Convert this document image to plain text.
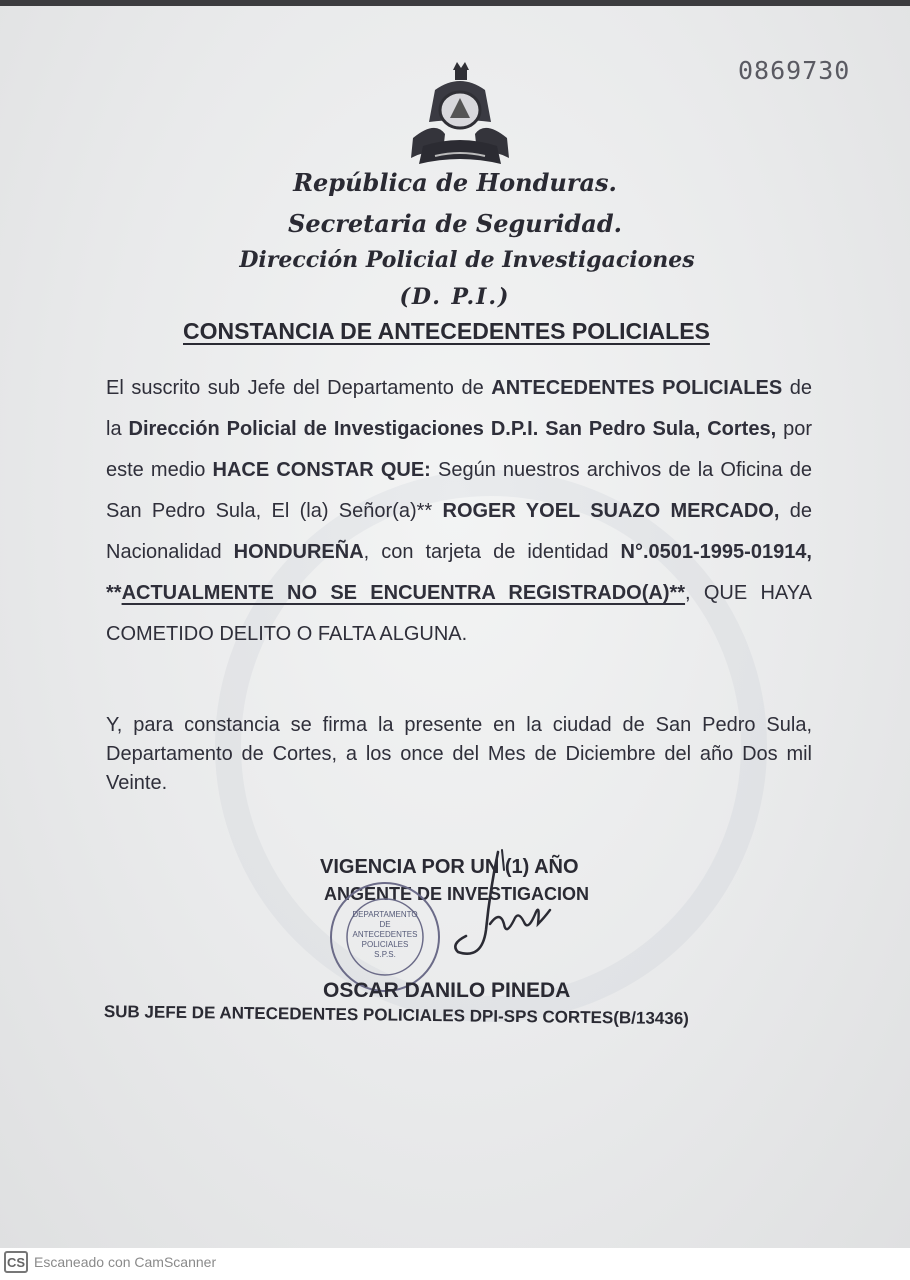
0869730
República de Honduras.
Secretaria de Seguridad.
Dirección Policial de Investigaciones
(D. P.I.)
CONSTANCIA DE ANTECEDENTES POLICIALES
El suscrito sub Jefe del Departamento de ANTECEDENTES POLICIALES de la Dirección Policial de Investigaciones D.P.I. San Pedro Sula, Cortes, por este medio HACE CONSTAR QUE: Según nuestros archivos de la Oficina de San Pedro Sula, El (la) Señor(a)** ROGER YOEL SUAZO MERCADO, de Nacionalidad HONDUREÑA, con tarjeta de identidad N°.0501-1995-01914, **ACTUALMENTE NO SE ENCUENTRA REGISTRADO(A)**, QUE HAYA COMETIDO DELITO O FALTA ALGUNA.
Y, para constancia se firma la presente en la ciudad de San Pedro Sula, Departamento de Cortes, a los once del Mes de Diciembre del año Dos mil Veinte.
VIGENCIA POR UN (1) AÑO
ANGENTE DE INVESTIGACION
DEPARTAMENTO DE ANTECEDENTES POLICIALES S.P.S.
OSCAR DANILO PINEDA
SUB JEFE DE ANTECEDENTES POLICIALES DPI-SPS CORTES(B/13436)
CS Escaneado con CamScanner
